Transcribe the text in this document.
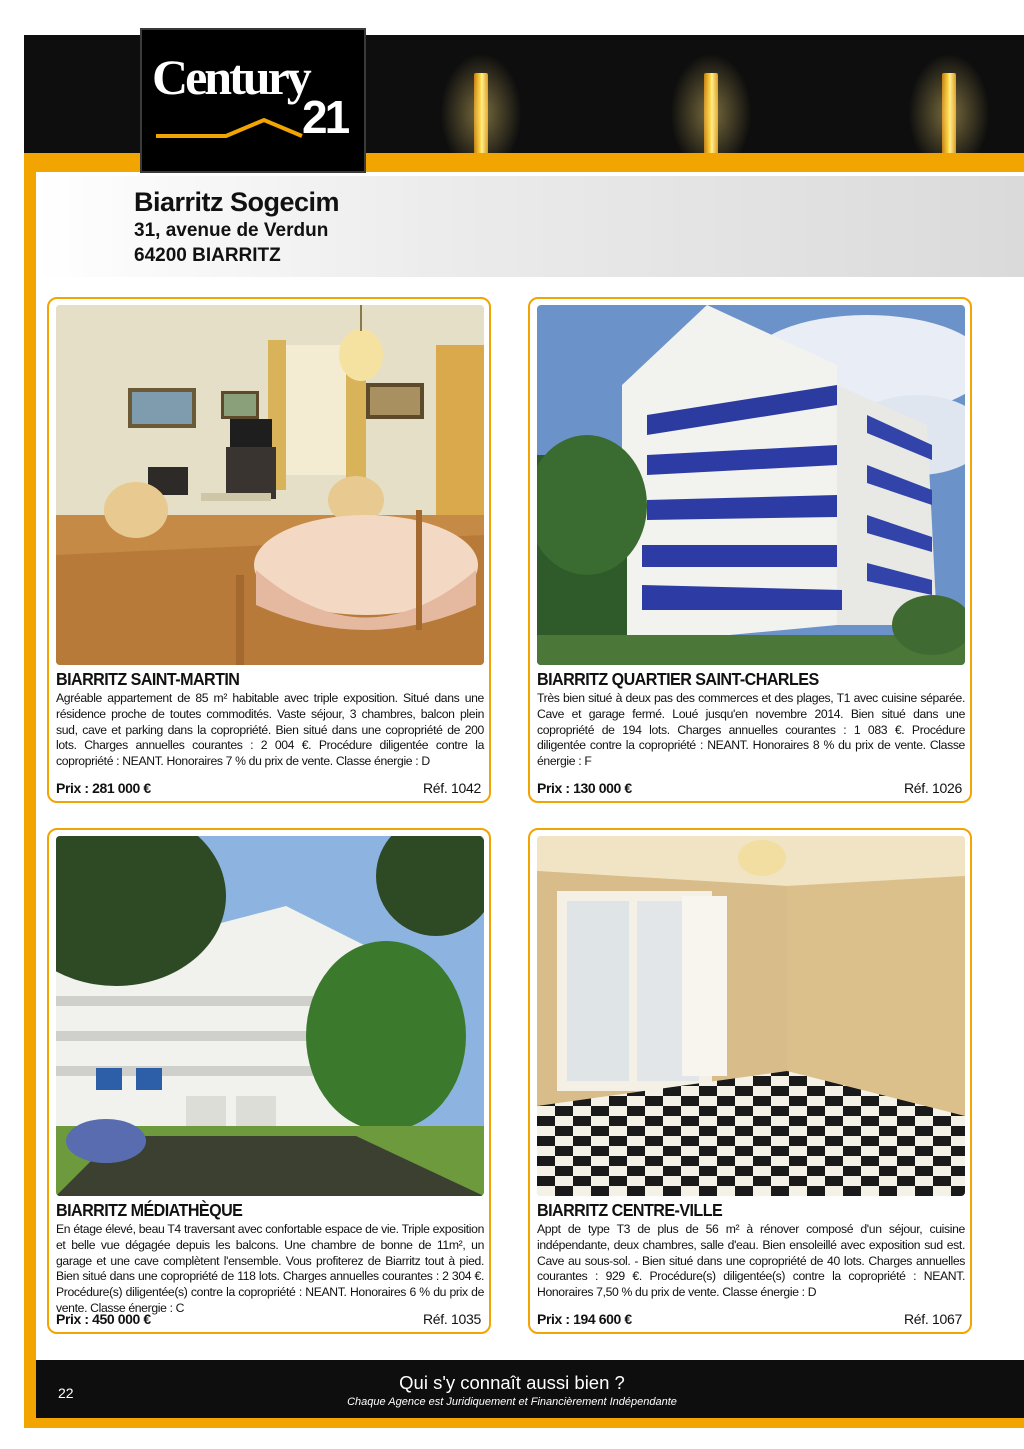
Century
21
Biarritz Sogecim
31, avenue de Verdun
64200 BIARRITZ
BIARRITZ SAINT-MARTIN

Agréable appartement de 85 m² habitable avec triple exposition. Situé dans une résidence proche de toutes commodités. Vaste séjour, 3 chambres, balcon plein sud, cave et parking dans la copropriété. Bien situé dans une copropriété de 200 lots. Charges annuelles courantes : 2 004 €. Procédure diligentée contre la copropriété : NEANT. Honoraires 7 % du prix de vente. Classe énergie : D

Prix : 281 000 €	Réf. 1042
BIARRITZ QUARTIER SAINT-CHARLES

Très bien situé à deux pas des commerces et des plages, T1 avec cuisine séparée. Cave et garage fermé. Loué jusqu'en novembre 2014. Bien situé dans une copropriété de 194 lots. Charges annuelles courantes : 1 083 €. Procédure diligentée contre la copropriété : NEANT. Honoraires 8 % du prix de vente. Classe énergie : F

Prix : 130 000 €	Réf. 1026
BIARRITZ MÉDIATHÈQUE

En étage élevé, beau T4 traversant avec confortable espace de vie. Triple exposition et belle vue dégagée depuis les balcons. Une chambre de bonne de 11m², un garage et une cave complètent l'ensemble. Vous profiterez de Biarritz tout à pied. Bien situé dans une copropriété de 118 lots. Charges annuelles courantes : 2 304 €. Procédure(s) diligentée(s) contre la copropriété : NEANT. Honoraires 6 % du prix de vente. Classe énergie : C

Prix : 450 000 €	Réf. 1035
BIARRITZ CENTRE-VILLE

Appt de type T3 de plus de 56 m² à rénover composé d'un séjour, cuisine indépendante, deux chambres, salle d'eau. Bien ensoleillé avec exposition sud est. Cave au sous-sol. - Bien situé dans une copropriété de 40 lots. Charges annuelles courantes : 929 €. Procédure(s) diligentée(s) contre la copropriété : NEANT. Honoraires 7,50 % du prix de vente. Classe énergie : D

Prix : 194 600 €	Réf. 1067
22	Qui s'y connaît aussi bien ?
Chaque Agence est Juridiquement et Financièrement Indépendante
